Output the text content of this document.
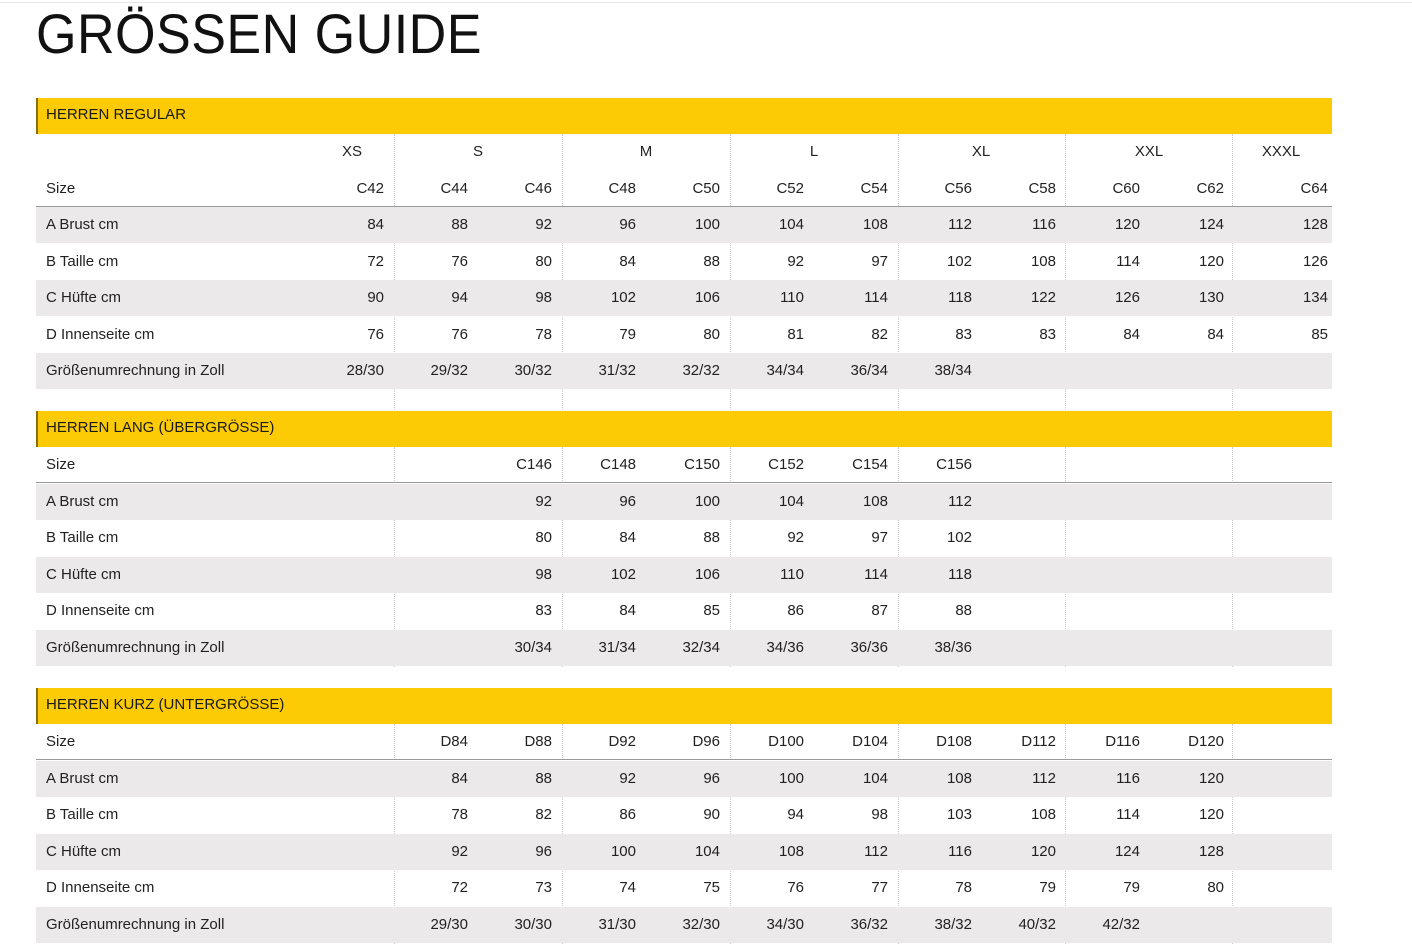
GRÖSSEN GUIDE
HERREN REGULAR
XS	S	M	L	XL	XXL	XXXL
Size	C42	C44	C46	C48	C50	C52	C54	C56	C58	C60	C62	C64
A Brust cm	84	88	92	96	100	104	108	112	116	120	124	128
B Taille cm	72	76	80	84	88	92	97	102	108	114	120	126
C Hüfte cm	90	94	98	102	106	110	114	118	122	126	130	134
D Innenseite cm	76	76	78	79	80	81	82	83	83	84	84	85
Größenumrechnung in Zoll	28/30	29/32	30/32	31/32	32/32	34/34	36/34	38/34
HERREN LANG (ÜBERGRÖSSE)
Size	C146	C148	C150	C152	C154	C156
A Brust cm	92	96	100	104	108	112
B Taille cm	80	84	88	92	97	102
C Hüfte cm	98	102	106	110	114	118
D Innenseite cm	83	84	85	86	87	88
Größenumrechnung in Zoll	30/34	31/34	32/34	34/36	36/36	38/36
HERREN KURZ (UNTERGRÖSSE)
Size	D84	D88	D92	D96	D100	D104	D108	D112	D116	D120
A Brust cm	84	88	92	96	100	104	108	112	116	120
B Taille cm	78	82	86	90	94	98	103	108	114	120
C Hüfte cm	92	96	100	104	108	112	116	120	124	128
D Innenseite cm	72	73	74	75	76	77	78	79	79	80
Größenumrechnung in Zoll	29/30	30/30	31/30	32/30	34/30	36/32	38/32	40/32	42/32
